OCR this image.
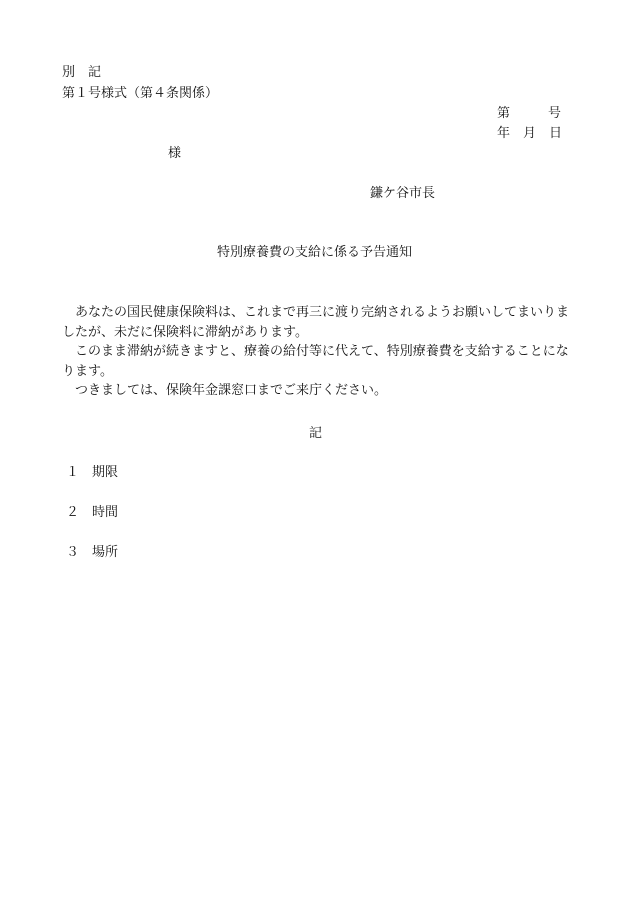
別　記
第１号様式（第４条関係）
第	号
年　月　日
様
鎌ケ谷市長
特別療養費の支給に係る予告通知

あなたの国民健康保険料は、これまで再三に渡り完納されるようお願いしてまいりましたが、未だに保険料に滞納があります。

このまま滞納が続きますと、療養の給付等に代えて、特別療養費を支給することになります。

つきましては、保険年金課窓口までご来庁ください。

記
１ 期限
２ 時間
３ 場所
